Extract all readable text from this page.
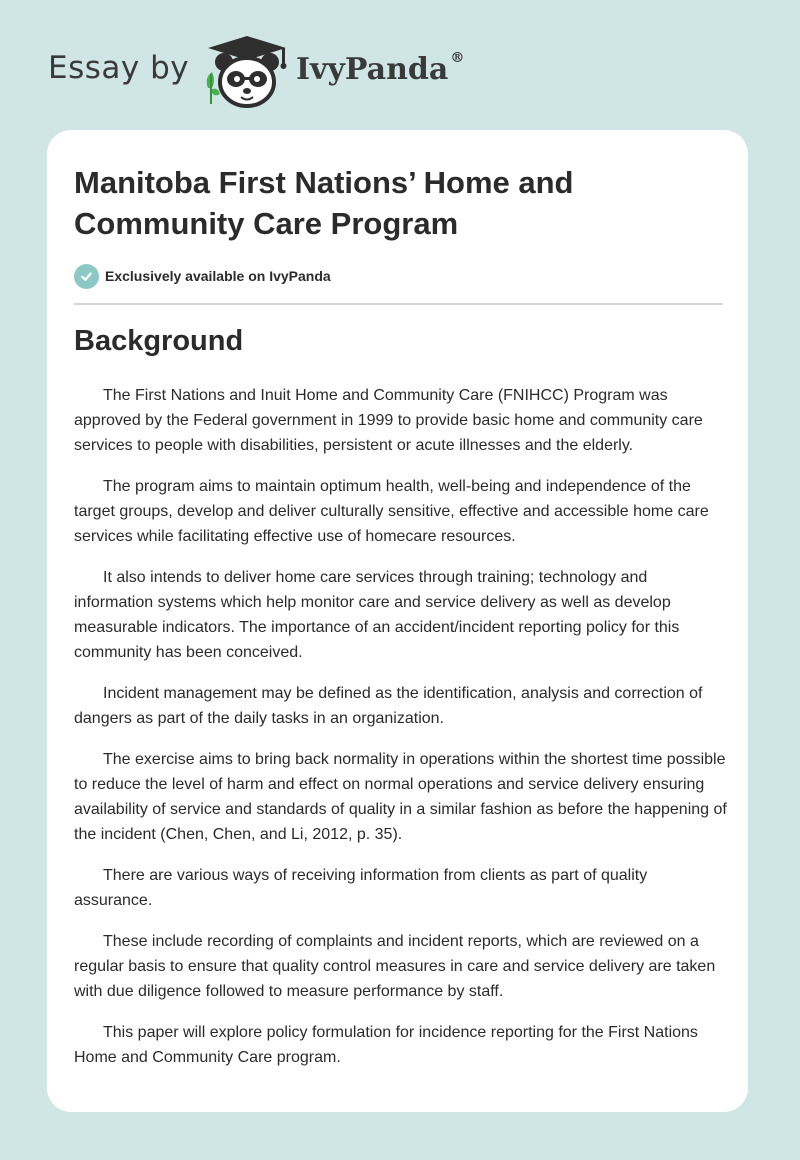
Essay by	IvyPanda ®
Manitoba First Nations’ Home and Community Care Program
Exclusively available on IvyPanda
Background

The First Nations and Inuit Home and Community Care (FNIHCC) Program was approved by the Federal government in 1999 to provide basic home and community care services to people with disabilities, persistent or acute illnesses and the elderly.

The program aims to maintain optimum health, well-being and independence of the target groups, develop and deliver culturally sensitive, effective and accessible home care services while facilitating effective use of homecare resources.

It also intends to deliver home care services through training; technology and information systems which help monitor care and service delivery as well as develop measurable indicators. The importance of an accident/incident reporting policy for this community has been conceived.

Incident management may be defined as the identification, analysis and correction of dangers as part of the daily tasks in an organization.

The exercise aims to bring back normality in operations within the shortest time possible to reduce the level of harm and effect on normal operations and service delivery ensuring availability of service and standards of quality in a similar fashion as before the happening of the incident (Chen, Chen, and Li, 2012, p. 35).

There are various ways of receiving information from clients as part of quality assurance.

These include recording of complaints and incident reports, which are reviewed on a regular basis to ensure that quality control measures in care and service delivery are taken with due diligence followed to measure performance by staff.

This paper will explore policy formulation for incidence reporting for the First Nations Home and Community Care program.
